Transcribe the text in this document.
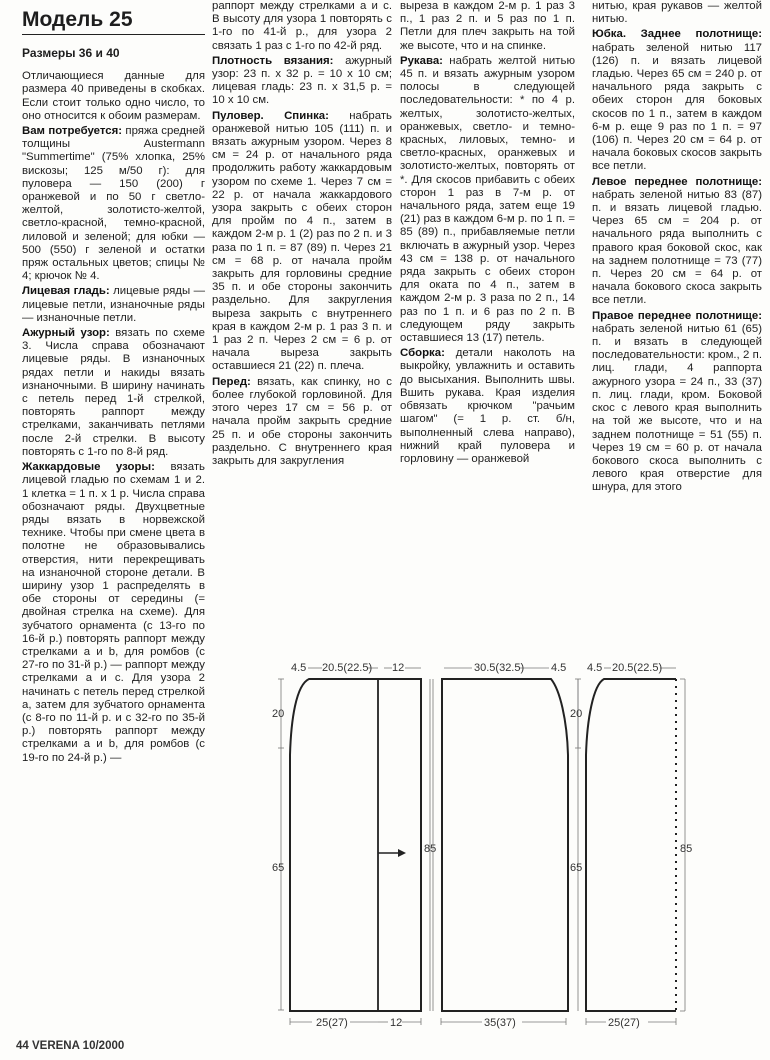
Модель 25
Размеры 36 и 40

Отличающиеся данные для размера 40 приведены в скобках. Если стоит только одно число, то оно относится к обоим размерам.

Вам потребуется: пряжа средней толщины Austermann "Summertime" (75% хлопка, 25% вискозы; 125 м/50 г): для пуловера — 150 (200) г оранжевой и по 50 г светло-желтой, золотисто-желтой, светло-красной, темно-красной, лиловой и зеленой; для юбки — 500 (550) г зеленой и остатки пряж остальных цветов; спицы № 4; крючок № 4.

Лицевая гладь: лицевые ряды — лицевые петли, изнаночные ряды — изнаночные петли.

Ажурный узор: вязать по схеме 3. Числа справа обозначают лицевые ряды. В изнаночных рядах петли и накиды вязать изнаночными. В ширину начинать с петель перед 1-й стрелкой, повторять раппорт между стрелками, заканчивать петлями после 2-й стрелки. В высоту повторять с 1-го по 8-й ряд.

Жаккардовые узоры: вязать лицевой гладью по схемам 1 и 2. 1 клетка = 1 п. x 1 р. Числа справа обозначают ряды. Двухцветные ряды вязать в норвежской технике. Чтобы при смене цвета в полотне не образовывались отверстия, нити перекрещивать на изнаночной стороне детали. В ширину узор 1 распределять в обе стороны от середины (= двойная стрелка на схеме). Для зубчатого орнамента (с 13-го по 16-й р.) повторять раппорт между стрелками a и b, для ромбов (с 27-го по 31-й р.) — раппорт между стрелками a и c. Для узора 2 начинать с петель перед стрелкой a, затем для зубчатого орнамента (с 8-го по 11-й р. и с 32-го по 35-й р.) повторять раппорт между стрелками a и b, для ромбов (с 19-го по 24-й р.) —

раппорт между стрелками a и c. В высоту для узора 1 повторять с 1-го по 41-й р., для узора 2 связать 1 раз с 1-го по 42-й ряд.

Плотность вязания: ажурный узор: 23 п. x 32 р. = 10 x 10 см; лицевая гладь: 23 п. x 31,5 р. = 10 x 10 см.

Пуловер. Спинка: набрать оранжевой нитью 105 (111) п. и вязать ажурным узором. Через 8 см = 24 р. от начального ряда продолжить работу жаккардовым узором по схеме 1. Через 7 см = 22 р. от начала жаккардового узора закрыть с обеих сторон для пройм по 4 п., затем в каждом 2-м р. 1 (2) раз по 2 п. и 3 раза по 1 п. = 87 (89) п. Через 21 см = 68 р. от начала пройм закрыть для горловины средние 35 п. и обе стороны закончить раздельно. Для закругления выреза закрыть с внутреннего края в каждом 2-м р. 1 раз 3 п. и 1 раз 2 п. Через 2 см = 6 р. от начала выреза закрыть оставшиеся 21 (22) п. плеча.

Перед: вязать, как спинку, но с более глубокой горловиной. Для этого через 17 см = 56 р. от начала пройм закрыть средние 25 п. и обе стороны закончить раздельно. С внутреннего края закрыть для закругления

выреза в каждом 2-м р. 1 раз 3 п., 1 раз 2 п. и 5 раз по 1 п. Петли для плеч закрыть на той же высоте, что и на спинке.

Рукава: набрать желтой нитью 45 п. и вязать ажурным узором полосы в следующей последовательности: * по 4 р. желтых, золотисто-желтых, оранжевых, светло- и темно-красных, лиловых, темно- и светло-красных, оранжевых и золотисто-желтых, повторять от *. Для скосов прибавить с обеих сторон 1 раз в 7-м р. от начального ряда, затем еще 19 (21) раз в каждом 6-м р. по 1 п. = 85 (89) п., прибавляемые петли включать в ажурный узор. Через 43 см = 138 р. от начального ряда закрыть с обеих сторон для оката по 4 п., затем в каждом 2-м р. 3 раза по 2 п., 14 раз по 1 п. и 6 раз по 2 п. В следующем ряду закрыть оставшиеся 13 (17) петель.

Сборка: детали наколоть на выкройку, увлажнить и оставить до высыхания. Выполнить швы. Вшить рукава. Края изделия обвязать крючком "рачьим шагом" (= 1 р. ст. б/н, выполненный слева направо), нижний край пуловера и горловину — оранжевой

нитью, края рукавов — желтой нитью.

Юбка. Заднее полотнище: набрать зеленой нитью 117 (126) п. и вязать лицевой гладью. Через 65 см = 240 р. от начального ряда закрыть с обеих сторон для боковых скосов по 1 п., затем в каждом 6-м р. еще 9 раз по 1 п. = 97 (106) п. Через 20 см = 64 р. от начала боковых скосов закрыть все петли.

Левое переднее полотнище: набрать зеленой нитью 83 (87) п. и вязать лицевой гладью. Через 65 см = 204 р. от начального ряда выполнить с правого края боковой скос, как на заднем полотнище = 73 (77) п. Через 20 см = 64 р. от начала бокового скоса закрыть все петли.

Правое переднее полотнище: набрать зеленой нитью 61 (65) п. и вязать в следующей последовательности: кром., 2 п. лиц. глади, 4 раппорта ажурного узора = 24 п., 33 (37) п. лиц. глади, кром. Боковой скос с левого края выполнить на той же высоте, что и на заднем полотнище = 51 (55) п. Через 19 см = 60 р. от начала бокового скоса выполнить с левого края отверстие для шнура, для этого

4.5 20.5(22.5) 12
20
65
85
25(27)	12
30.5(32.5) 4.5
35(37)
4.5 20.5(22.5)
20
65
85
25(27)
44 VERENA 10/2000
